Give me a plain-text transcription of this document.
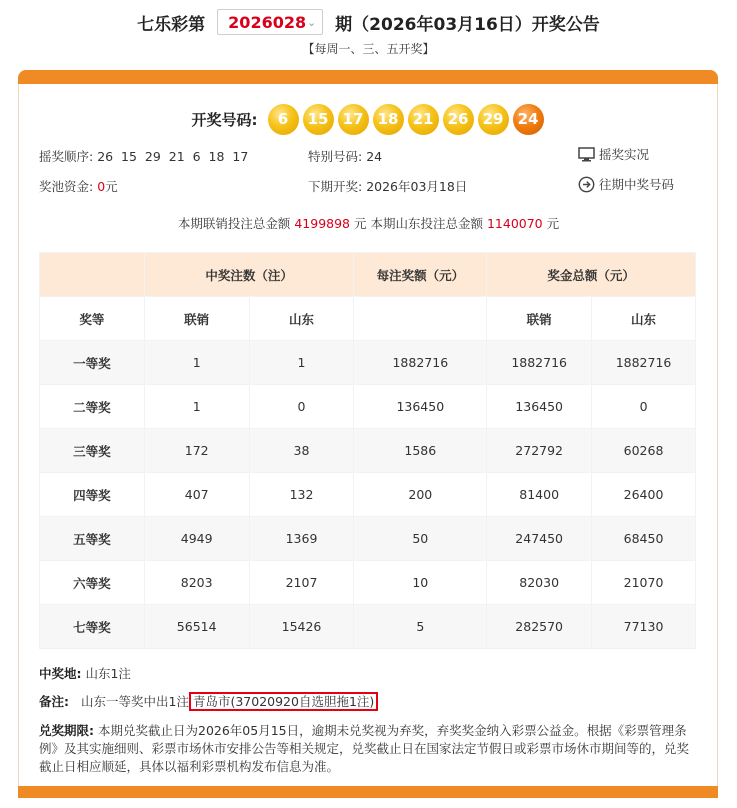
七乐彩第 2026028 ⌄ 期（2026年03月16日）开奖公告
【每周一、三、五开奖】
开奖号码:	6	15 17 18 21 26 29 24
摇奖顺序: 26  15  29  21  6  18  17	特别号码: 24	摇奖实况
奖池资金: 0元	下期开奖: 2026年03月18日	往期中奖号码
本期联销投注总金额 4199898 元 本期山东投注总金额 1140070 元
	中奖注数（注）		每注奖额（元）	奖金总额（元）	
奖等	联销	山东		联销	山东
一等奖	1	1	1882716	1882716	1882716
二等奖	1	0	136450	136450	0
三等奖	172	38	1586	272792	60268
四等奖	407	132	200	81400	26400
五等奖	4949	1369	50	247450	68450
六等奖	8203	2107	10	82030	21070
七等奖	56514	15426	5	282570	77130
中奖地: 山东1注
备注: 山东一等奖中出1注 青岛市(37020920自选胆拖1注)
兑奖期限: 本期兑奖截止日为2026年05月15日，逾期未兑奖视为弃奖，弃奖奖金纳入彩票公益金。根据《彩票管理条例》及其实施细则、彩票市场休市安排公告等相关规定，兑奖截止日在国家法定节假日或彩票市场休市期间等的，兑奖截止日相应顺延，具体以福利彩票机构发布信息为准。
